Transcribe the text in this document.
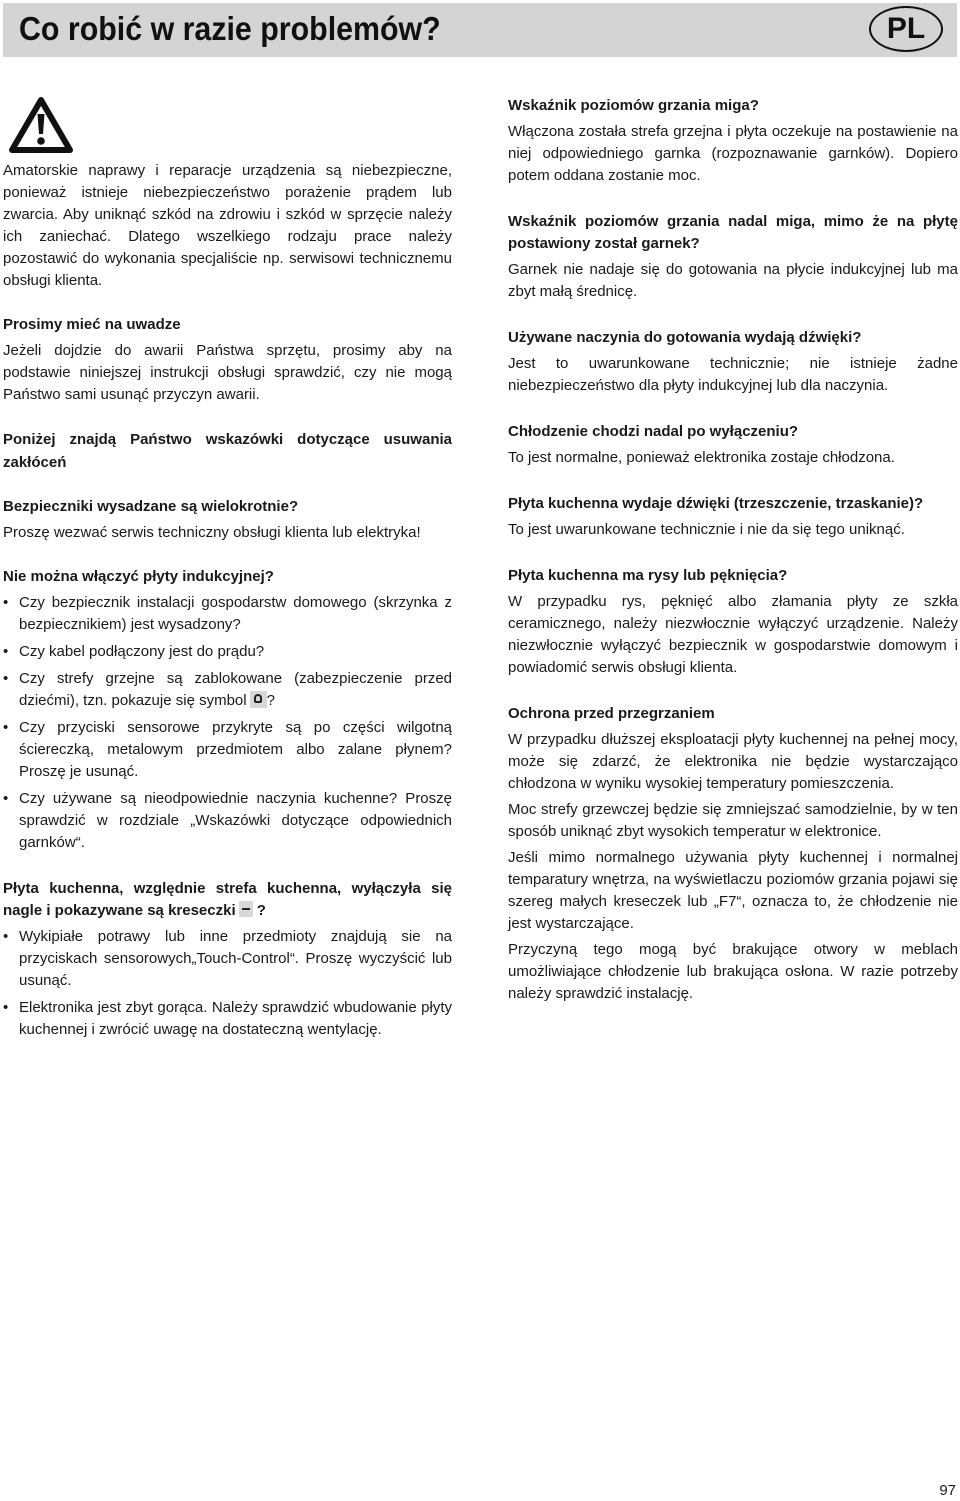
Co robić w razie problemów?	PL

Amatorskie naprawy i reparacje urządzenia są niebezpieczne, ponieważ istnieje niebezpieczeństwo porażenie prądem lub zwarcia. Aby uniknąć szkód na zdrowiu i szkód w sprzęcie należy ich zaniechać. Dlatego wszelkiego rodzaju prace należy pozostawić do wykonania specjaliście np. serwisowi technicznemu obsługi klienta.

Prosimy mieć na uwadze

Jeżeli dojdzie do awarii Państwa sprzętu, prosimy aby na podstawie niniejszej instrukcji obsługi sprawdzić, czy nie mogą Państwo sami usunąć przyczyn awarii.

Poniżej znajdą Państwo wskazówki dotyczące usuwania zakłóceń

Bezpieczniki wysadzane są wielokrotnie?

Proszę wezwać serwis techniczny obsługi klienta lub elektryka!

Nie można włączyć płyty indukcyjnej?

• Czy bezpiecznik instalacji gospodarstw domowego (skrzynka z bezpiecznikiem) jest wysadzony?
• Czy kabel podłączony jest do prądu?
• Czy strefy grzejne są zablokowane (zabezpieczenie przed dziećmi), tzn. pokazuje się symbol ?
• Czy przyciski sensorowe przykryte są po części wilgotną ściereczką, metalowym przedmiotem albo zalane płynem? Proszę je usunąć.
• Czy używane są nieodpowiednie naczynia kuchenne? Proszę sprawdzić w rozdziale „Wskazówki dotyczące odpowiednich garnków“.

Płyta kuchenna, względnie strefa kuchenna, wyłączyła się nagle i pokazywane są kreseczki ?

• Wykipiałe potrawy lub inne przedmioty znajdują sie na przyciskach sensorowych„Touch-Control“. Proszę wyczyścić lub usunąć.
• Elektronika jest zbyt gorąca. Należy sprawdzić wbudowanie płyty kuchennej i zwrócić uwagę na dostateczną wentylację.

Wskaźnik poziomów grzania miga?

Włączona została strefa grzejna i płyta oczekuje na postawienie na niej odpowiedniego garnka (rozpoznawanie garnków). Dopiero potem oddana zostanie moc.

Wskaźnik poziomów grzania nadal miga, mimo że na płytę postawiony został garnek?

Garnek nie nadaje się do gotowania na płycie indukcyjnej lub ma zbyt małą średnicę.

Używane naczynia do gotowania wydają dźwięki?

Jest to uwarunkowane technicznie; nie istnieje żadne niebezpieczeństwo dla płyty indukcyjnej lub dla naczynia.

Chłodzenie chodzi nadal po wyłączeniu?

To jest normalne, ponieważ elektronika zostaje chłodzona.

Płyta kuchenna wydaje dźwięki (trzeszczenie, trzaskanie)?

To jest uwarunkowane technicznie i nie da się tego uniknąć.

Płyta kuchenna ma rysy lub pęknięcia?

W przypadku rys, pęknięć albo złamania płyty ze szkła ceramicznego, należy niezwłocznie wyłączyć urządzenie. Należy niezwłocznie wyłączyć bezpiecznik w gospodarstwie domowym i powiadomić serwis obsługi klienta.

Ochrona przed przegrzaniem

W przypadku dłuższej eksploatacji płyty kuchennej na pełnej mocy, może się zdarzć, że elektronika nie będzie wystarczająco chłodzona w wyniku wysokiej temperatury pomieszczenia.

Moc strefy grzewczej będzie się zmniejszać samodzielnie, by w ten sposób uniknąć zbyt wysokich temperatur w elektronice.

Jeśli mimo normalnego używania płyty kuchennej i normalnej temparatury wnętrza, na wyświetlaczu poziomów grzania pojawi się szereg małych kreseczek lub „F7“, oznacza to, że chłodzenie nie jest wystarczające.

Przyczyną tego mogą być brakujące otwory w meblach umożliwiające chłodzenie lub brakująca osłona. W razie potrzeby należy sprawdzić instalację.

97
